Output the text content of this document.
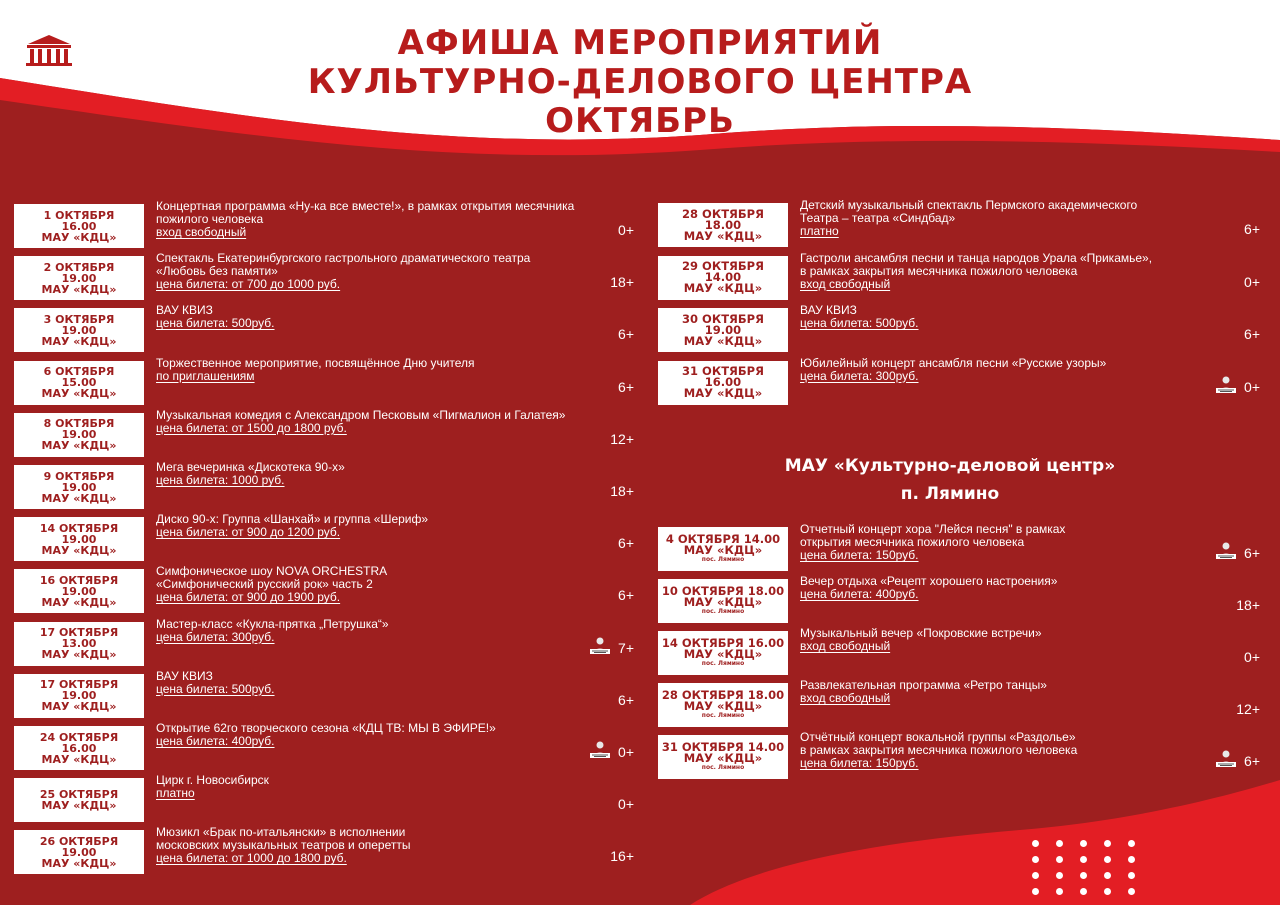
АФИША МЕРОПРИЯТИЙ
КУЛЬТУРНО-ДЕЛОВОГО ЦЕНТРА
ОКТЯБРЬ
1 ОКТЯБРЯ
16.00
МАУ «КДЦ»
Концертная программа «Ну-ка все вместе!», в рамках открытия месячника
пожилого человека
вход свободный	0+
2 ОКТЯБРЯ
19.00
МАУ «КДЦ»
Спектакль Екатеринбургского гастрольного драматического театра
«Любовь без памяти»
цена билета: от 700 до 1000 руб.	18+
3 ОКТЯБРЯ
19.00
МАУ «КДЦ»
ВАУ КВИЗ
цена билета: 500руб.
6+
6 ОКТЯБРЯ
15.00
МАУ «КДЦ»
Торжественное мероприятие, посвящённое Дню учителя
по приглашениям
6+
8 ОКТЯБРЯ
19.00
МАУ «КДЦ»
Музыкальная комедия с Александром Песковым «Пигмалион и Галатея»
цена билета: от 1500 до 1800 руб.
12+
9 ОКТЯБРЯ
19.00
МАУ «КДЦ»
Мега вечеринка «Дискотека 90-х»
цена билета: 1000 руб.
18+
14 ОКТЯБРЯ
19.00
МАУ «КДЦ»
Диско 90-х: Группа «Шанхай» и группа «Шериф»
цена билета: от 900 до 1200 руб.
6+
16 ОКТЯБРЯ
19.00
МАУ «КДЦ»
Симфоническое шоу NOVA ORCHESTRA
«Симфонический русский рок» часть 2
цена билета: от 900 до 1900 руб.	6+
17 ОКТЯБРЯ
13.00
МАУ «КДЦ»
Мастер-класс «Кукла-прятка „Петрушка“»
цена билета: 300руб.
7+
17 ОКТЯБРЯ
19.00
МАУ «КДЦ»
ВАУ КВИЗ
цена билета: 500руб.
6+
24 ОКТЯБРЯ
16.00
МАУ «КДЦ»
Открытие 62го творческого сезона «КДЦ ТВ: МЫ В ЭФИРЕ!»
цена билета: 400руб.
0+
25 ОКТЯБРЯ
МАУ «КДЦ»
Цирк г. Новосибирск
платно
0+
26 ОКТЯБРЯ
19.00
МАУ «КДЦ»
Мюзикл «Брак по-итальянски» в исполнении
московских музыкальных театров и оперетты
цена билета: от 1000 до 1800 руб.	16+
28 ОКТЯБРЯ
18.00
МАУ «КДЦ»
Детский музыкальный спектакль Пермского академического
Театра – театра «Синдбад»
платно	6+
29 ОКТЯБРЯ
14.00
МАУ «КДЦ»
Гастроли ансамбля песни и танца народов Урала «Прикамье»,
в рамках закрытия месячника пожилого человека
вход свободный	0+
30 ОКТЯБРЯ
19.00
МАУ «КДЦ»
ВАУ КВИЗ
цена билета: 500руб.
6+
31 ОКТЯБРЯ
16.00
МАУ «КДЦ»
Юбилейный концерт ансамбля песни «Русские узоры»
цена билета: 300руб.
0+
МАУ «Культурно-деловой центр»
п. Лямино
4 ОКТЯБРЯ 14.00
МАУ «КДЦ»
пос. Лямино
Отчетный концерт хора "Лейся песня" в рамках
открытия месячника пожилого человека
цена билета: 150руб.	6+
10 ОКТЯБРЯ 18.00
МАУ «КДЦ»
пос. Лямино
Вечер отдыха «Рецепт хорошего настроения»
цена билета: 400руб.
18+
14 ОКТЯБРЯ 16.00
МАУ «КДЦ»
пос. Лямино
Музыкальный вечер «Покровские встречи»
вход свободный
0+
28 ОКТЯБРЯ 18.00
МАУ «КДЦ»
пос. Лямино
Развлекательная программа «Ретро танцы»
вход свободный
12+
31 ОКТЯБРЯ 14.00
МАУ «КДЦ»
пос. Лямино
Отчётный концерт вокальной группы «Раздолье»
в рамках закрытия месячника пожилого человека
цена билета: 150руб.	6+
